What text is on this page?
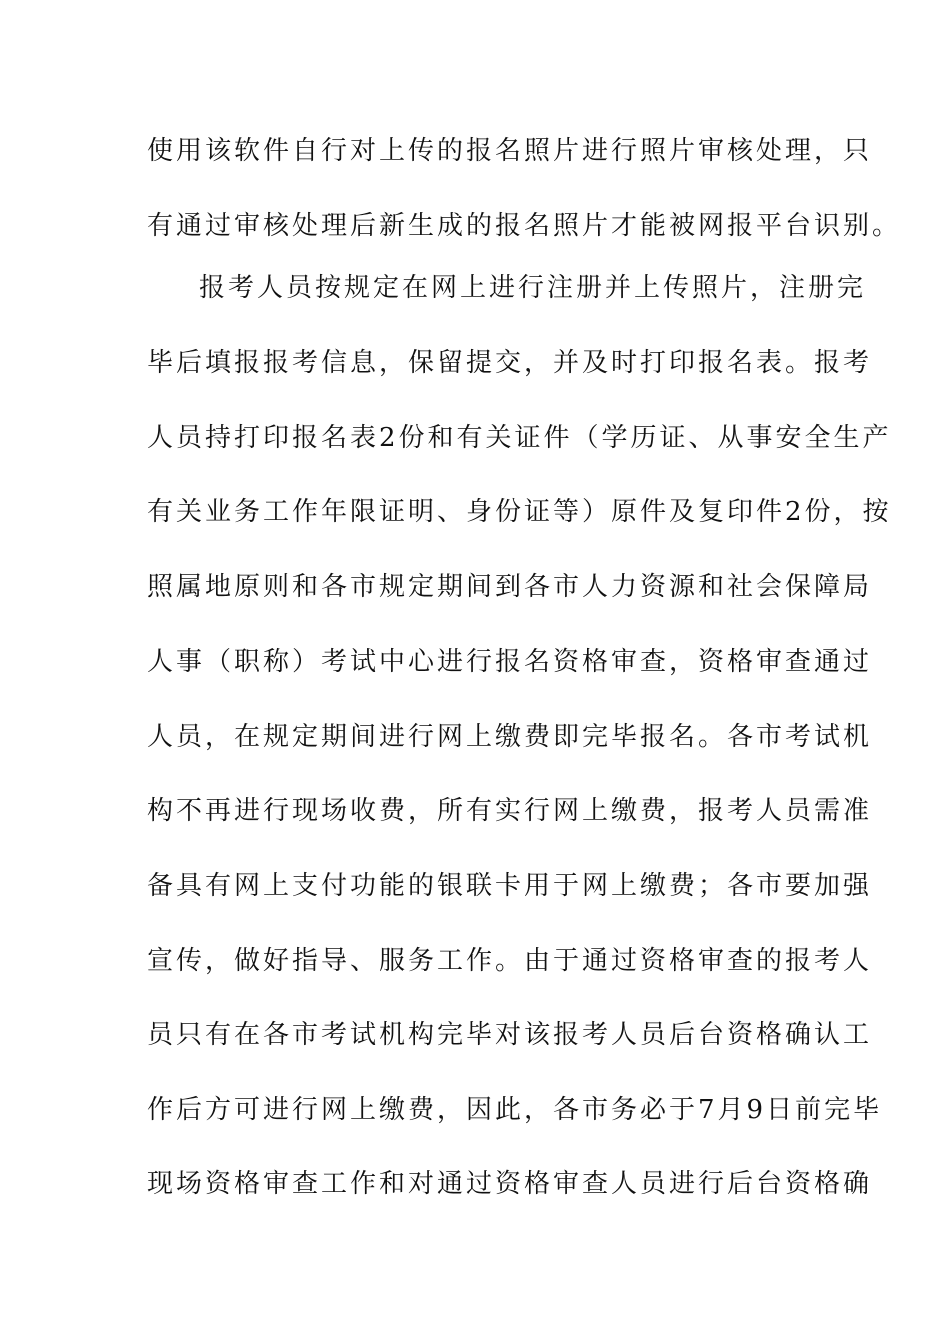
使用该软件自行对上传的报名照片进行照片审核处理，只
有通过审核处理后新生成的报名照片才能被网报平台识别。
报考人员按规定在网上进行注册并上传照片，注册完
毕后填报报考信息，保留提交，并及时打印报名表。报考
人员持打印报名表2份和有关证件（学历证、从事安全生产
有关业务工作年限证明、身份证等）原件及复印件2份，按
照属地原则和各市规定期间到各市人力资源和社会保障局
人事（职称）考试中心进行报名资格审查，资格审查通过
人员，在规定期间进行网上缴费即完毕报名。各市考试机
构不再进行现场收费，所有实行网上缴费，报考人员需准
备具有网上支付功能的银联卡用于网上缴费；各市要加强
宣传，做好指导、服务工作。由于通过资格审查的报考人
员只有在各市考试机构完毕对该报考人员后台资格确认工
作后方可进行网上缴费，因此，各市务必于7月9日前完毕
现场资格审查工作和对通过资格审查人员进行后台资格确
